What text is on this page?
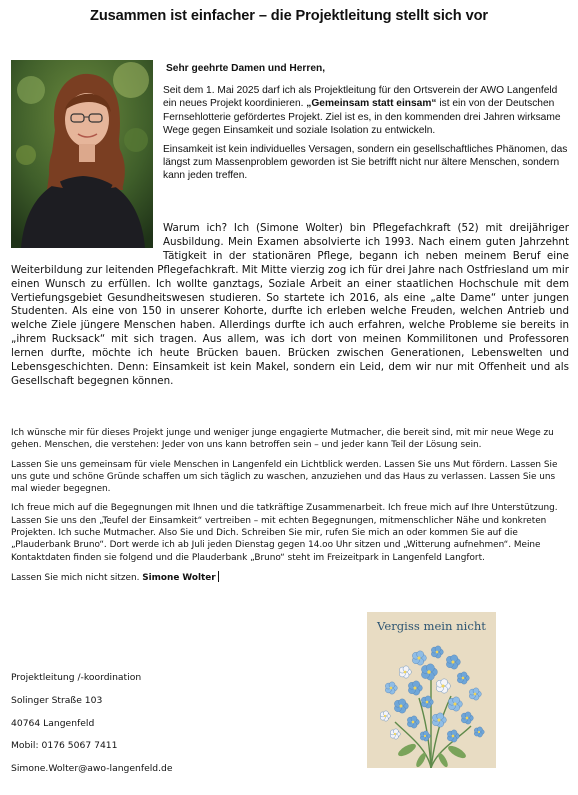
Zusammen ist einfacher – die Projektleitung stellt sich vor

Sehr geehrte Damen und Herren,

Seit dem 1. Mai 2025 darf ich als Projektleitung für den Ortsverein der AWO Langenfeld ein neues Projekt koordinieren. „Gemeinsam statt einsam“ ist ein von der Deutschen Fernsehlotterie gefördertes Projekt. Ziel ist es, in den kommenden drei Jahren wirksame Wege gegen Einsamkeit und soziale Isolation zu entwickeln.

Einsamkeit ist kein individuelles Versagen, sondern ein gesellschaftliches Phänomen, das längst zum Massenproblem geworden ist Sie betrifft nicht nur ältere Menschen, sondern kann jeden treffen.

Warum ich? Ich (Simone Wolter) bin Pflegefachkraft (52) mit dreijähriger Ausbildung. Mein Examen absolvierte ich 1993. Nach einem guten Jahrzehnt Tätigkeit in der stationären Pflege, begann ich neben meinem Beruf eine Weiterbildung zur leitenden Pflegefachkraft. Mit Mitte vierzig zog ich für drei Jahre nach Ostfriesland um mir einen Wunsch zu erfüllen. Ich wollte ganztags, Soziale Arbeit an einer staatlichen Hochschule mit dem Vertiefungsgebiet Gesundheitswesen studieren. So startete ich 2016, als eine „alte Dame“ unter jungen Studenten. Als eine von 150 in unserer Kohorte, durfte ich erleben welche Freuden, welchen Antrieb und welche Ziele jüngere Menschen haben. Allerdings durfte ich auch erfahren, welche Probleme sie bereits in „ihrem Rucksack“ mit sich tragen. Aus allem, was ich dort von meinen Kommilitonen und Professoren lernen durfte, möchte ich heute Brücken bauen. Brücken zwischen Generationen, Lebenswelten und Lebensgeschichten. Denn: Einsamkeit ist kein Makel, sondern ein Leid, dem wir nur mit Offenheit und als Gesellschaft begegnen können.

Ich wünsche mir für dieses Projekt junge und weniger junge engagierte Mutmacher, die bereit sind, mit mir neue Wege zu gehen. Menschen, die verstehen: Jeder von uns kann betroffen sein – und jeder kann Teil der Lösung sein.

Lassen Sie uns gemeinsam für viele Menschen in Langenfeld ein Lichtblick werden. Lassen Sie uns Mut fördern. Lassen Sie uns gute und schöne Gründe schaffen um sich täglich zu waschen, anzuziehen und das Haus zu verlassen. Lassen Sie uns mal wieder begegnen.

Ich freue mich auf die Begegnungen mit Ihnen und die tatkräftige Zusammenarbeit. Ich freue mich auf Ihre Unterstützung. Lassen Sie uns den „Teufel der Einsamkeit“ vertreiben – mit echten Begegnungen, mitmenschlicher Nähe und konkreten Projekten. Ich suche Mutmacher. Also Sie und Dich. Schreiben Sie mir, rufen Sie mich an oder kommen Sie auf die „Plauderbank Bruno“. Dort werde ich ab Juli jeden Dienstag gegen 14.oo Uhr sitzen und „Witterung aufnehmen“. Meine Kontaktdaten finden sie folgend und die Plauderbank „Bruno“ steht im Freizeitpark in Langenfeld Langfort.

Lassen Sie mich nicht sitzen. Simone Wolter

Projektleitung /-koordination
Solinger Straße 103
40764 Langenfeld
Mobil: 0176 5067 7411
Simone.Wolter@awo-langenfeld.de
Vergiss mein nicht
